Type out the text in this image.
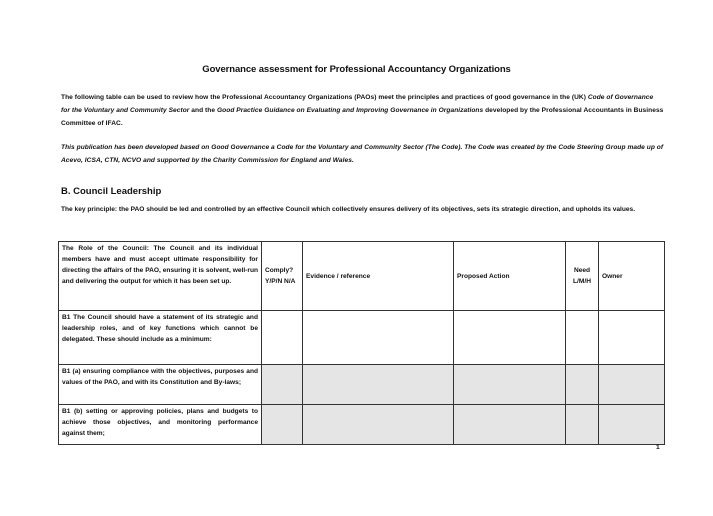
Governance assessment for Professional Accountancy Organizations
The following table can be used to review how the Professional Accountancy Organizations (PAOs) meet the principles and practices of good governance in the (UK) Code of Governance for the Voluntary and Community Sector and the Good Practice Guidance on Evaluating and Improving Governance in Organizations developed by the Professional Accountants in Business Committee of IFAC.
This publication has been developed based on Good Governance a Code for the Voluntary and Community Sector (The Code). The Code was created by the Code Steering Group made up of Acevo, ICSA, CTN, NCVO and supported by the Charity Commission for England and Wales.
B. Council Leadership
The key principle: the PAO should be led and controlled by an effective Council which collectively ensures delivery of its objectives, sets its strategic direction, and upholds its values.
The Role of the Council: The Council and its individual members have and must accept ultimate responsibility for directing the affairs of the PAO, ensuring it is solvent, well-run and delivering the output for which it has been set up.	Comply? Y/P/N N/A	Evidence / reference	Proposed Action	Need L/M/H	Owner
B1 The Council should have a statement of its strategic and leadership roles, and of key functions which cannot be delegated. These should include as a minimum:					
B1 (a) ensuring compliance with the objectives, purposes and values of the PAO, and with its Constitution and By-laws;					
B1 (b) setting or approving policies, plans and budgets to achieve those objectives, and monitoring performance against them;					
1
